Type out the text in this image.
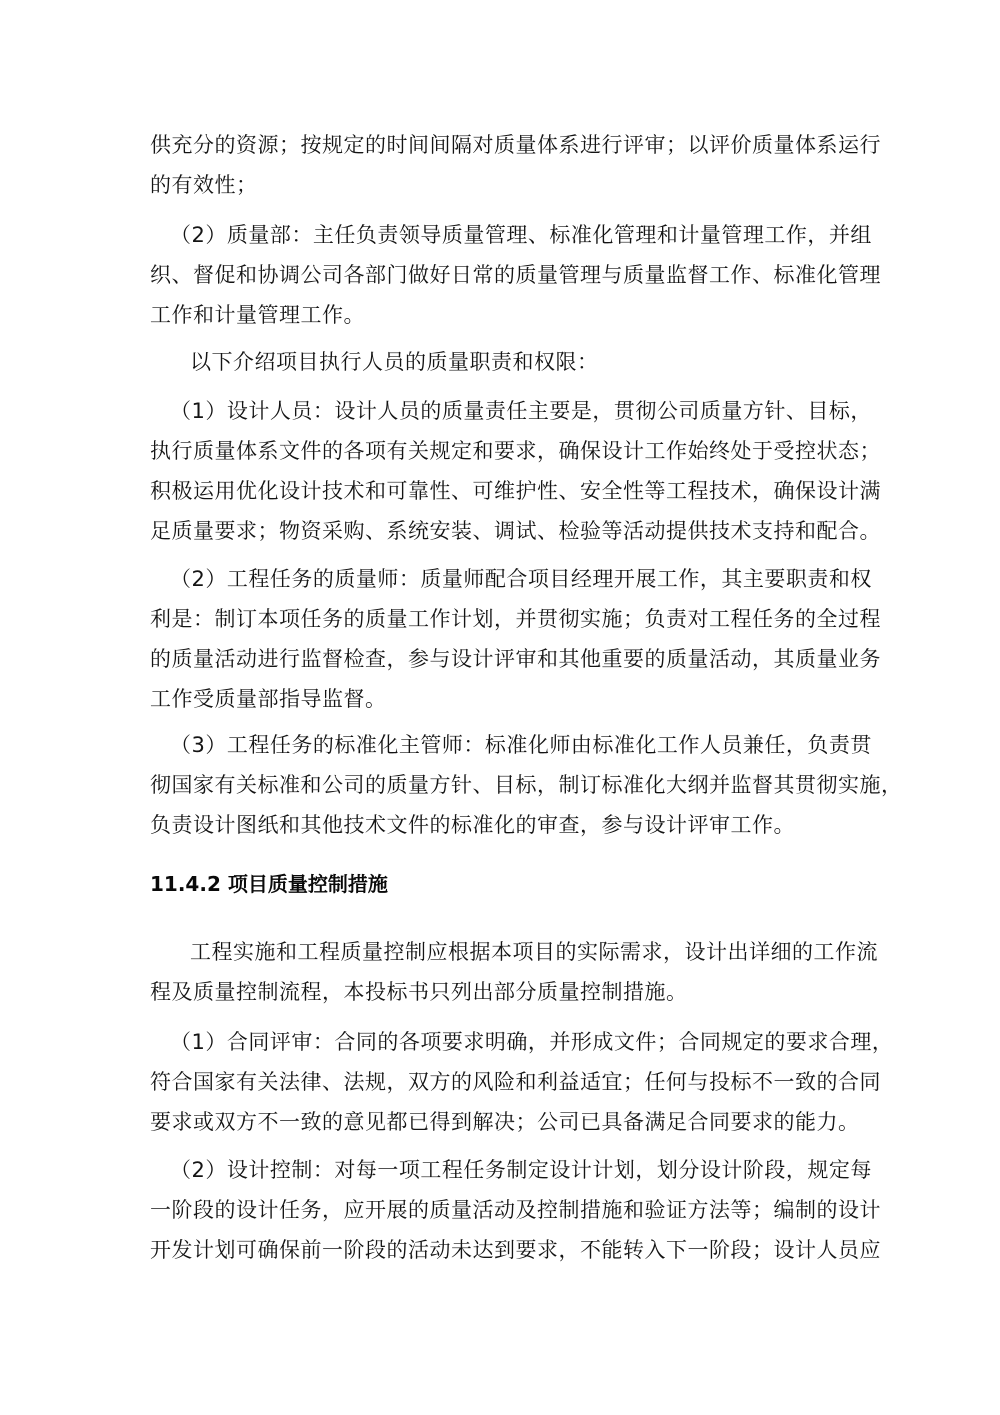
供充分的资源；按规定的时间间隔对质量体系进行评审；以评价质量体系运行
的有效性；
（2）质量部：主任负责领导质量管理、标准化管理和计量管理工作，并组
织、督促和协调公司各部门做好日常的质量管理与质量监督工作、标准化管理
工作和计量管理工作。
以下介绍项目执行人员的质量职责和权限：
（1）设计人员：设计人员的质量责任主要是，贯彻公司质量方针、目标，
执行质量体系文件的各项有关规定和要求，确保设计工作始终处于受控状态；
积极运用优化设计技术和可靠性、可维护性、安全性等工程技术，确保设计满
足质量要求；物资采购、系统安装、调试、检验等活动提供技术支持和配合。
（2）工程任务的质量师：质量师配合项目经理开展工作，其主要职责和权
利是：制订本项任务的质量工作计划，并贯彻实施；负责对工程任务的全过程
的质量活动进行监督检查，参与设计评审和其他重要的质量活动，其质量业务
工作受质量部指导监督。
（3）工程任务的标准化主管师：标准化师由标准化工作人员兼任，负责贯
彻国家有关标准和公司的质量方针、目标，制订标准化大纲并监督其贯彻实施，
负责设计图纸和其他技术文件的标准化的审查，参与设计评审工作。
11.4.2 项目质量控制措施
工程实施和工程质量控制应根据本项目的实际需求，设计出详细的工作流
程及质量控制流程，本投标书只列出部分质量控制措施。
（1）合同评审：合同的各项要求明确，并形成文件；合同规定的要求合理，
符合国家有关法律、法规，双方的风险和利益适宜；任何与投标不一致的合同
要求或双方不一致的意见都已得到解决；公司已具备满足合同要求的能力。
（2）设计控制：对每一项工程任务制定设计计划，划分设计阶段，规定每
一阶段的设计任务，应开展的质量活动及控制措施和验证方法等；编制的设计
开发计划可确保前一阶段的活动未达到要求，不能转入下一阶段；设计人员应
